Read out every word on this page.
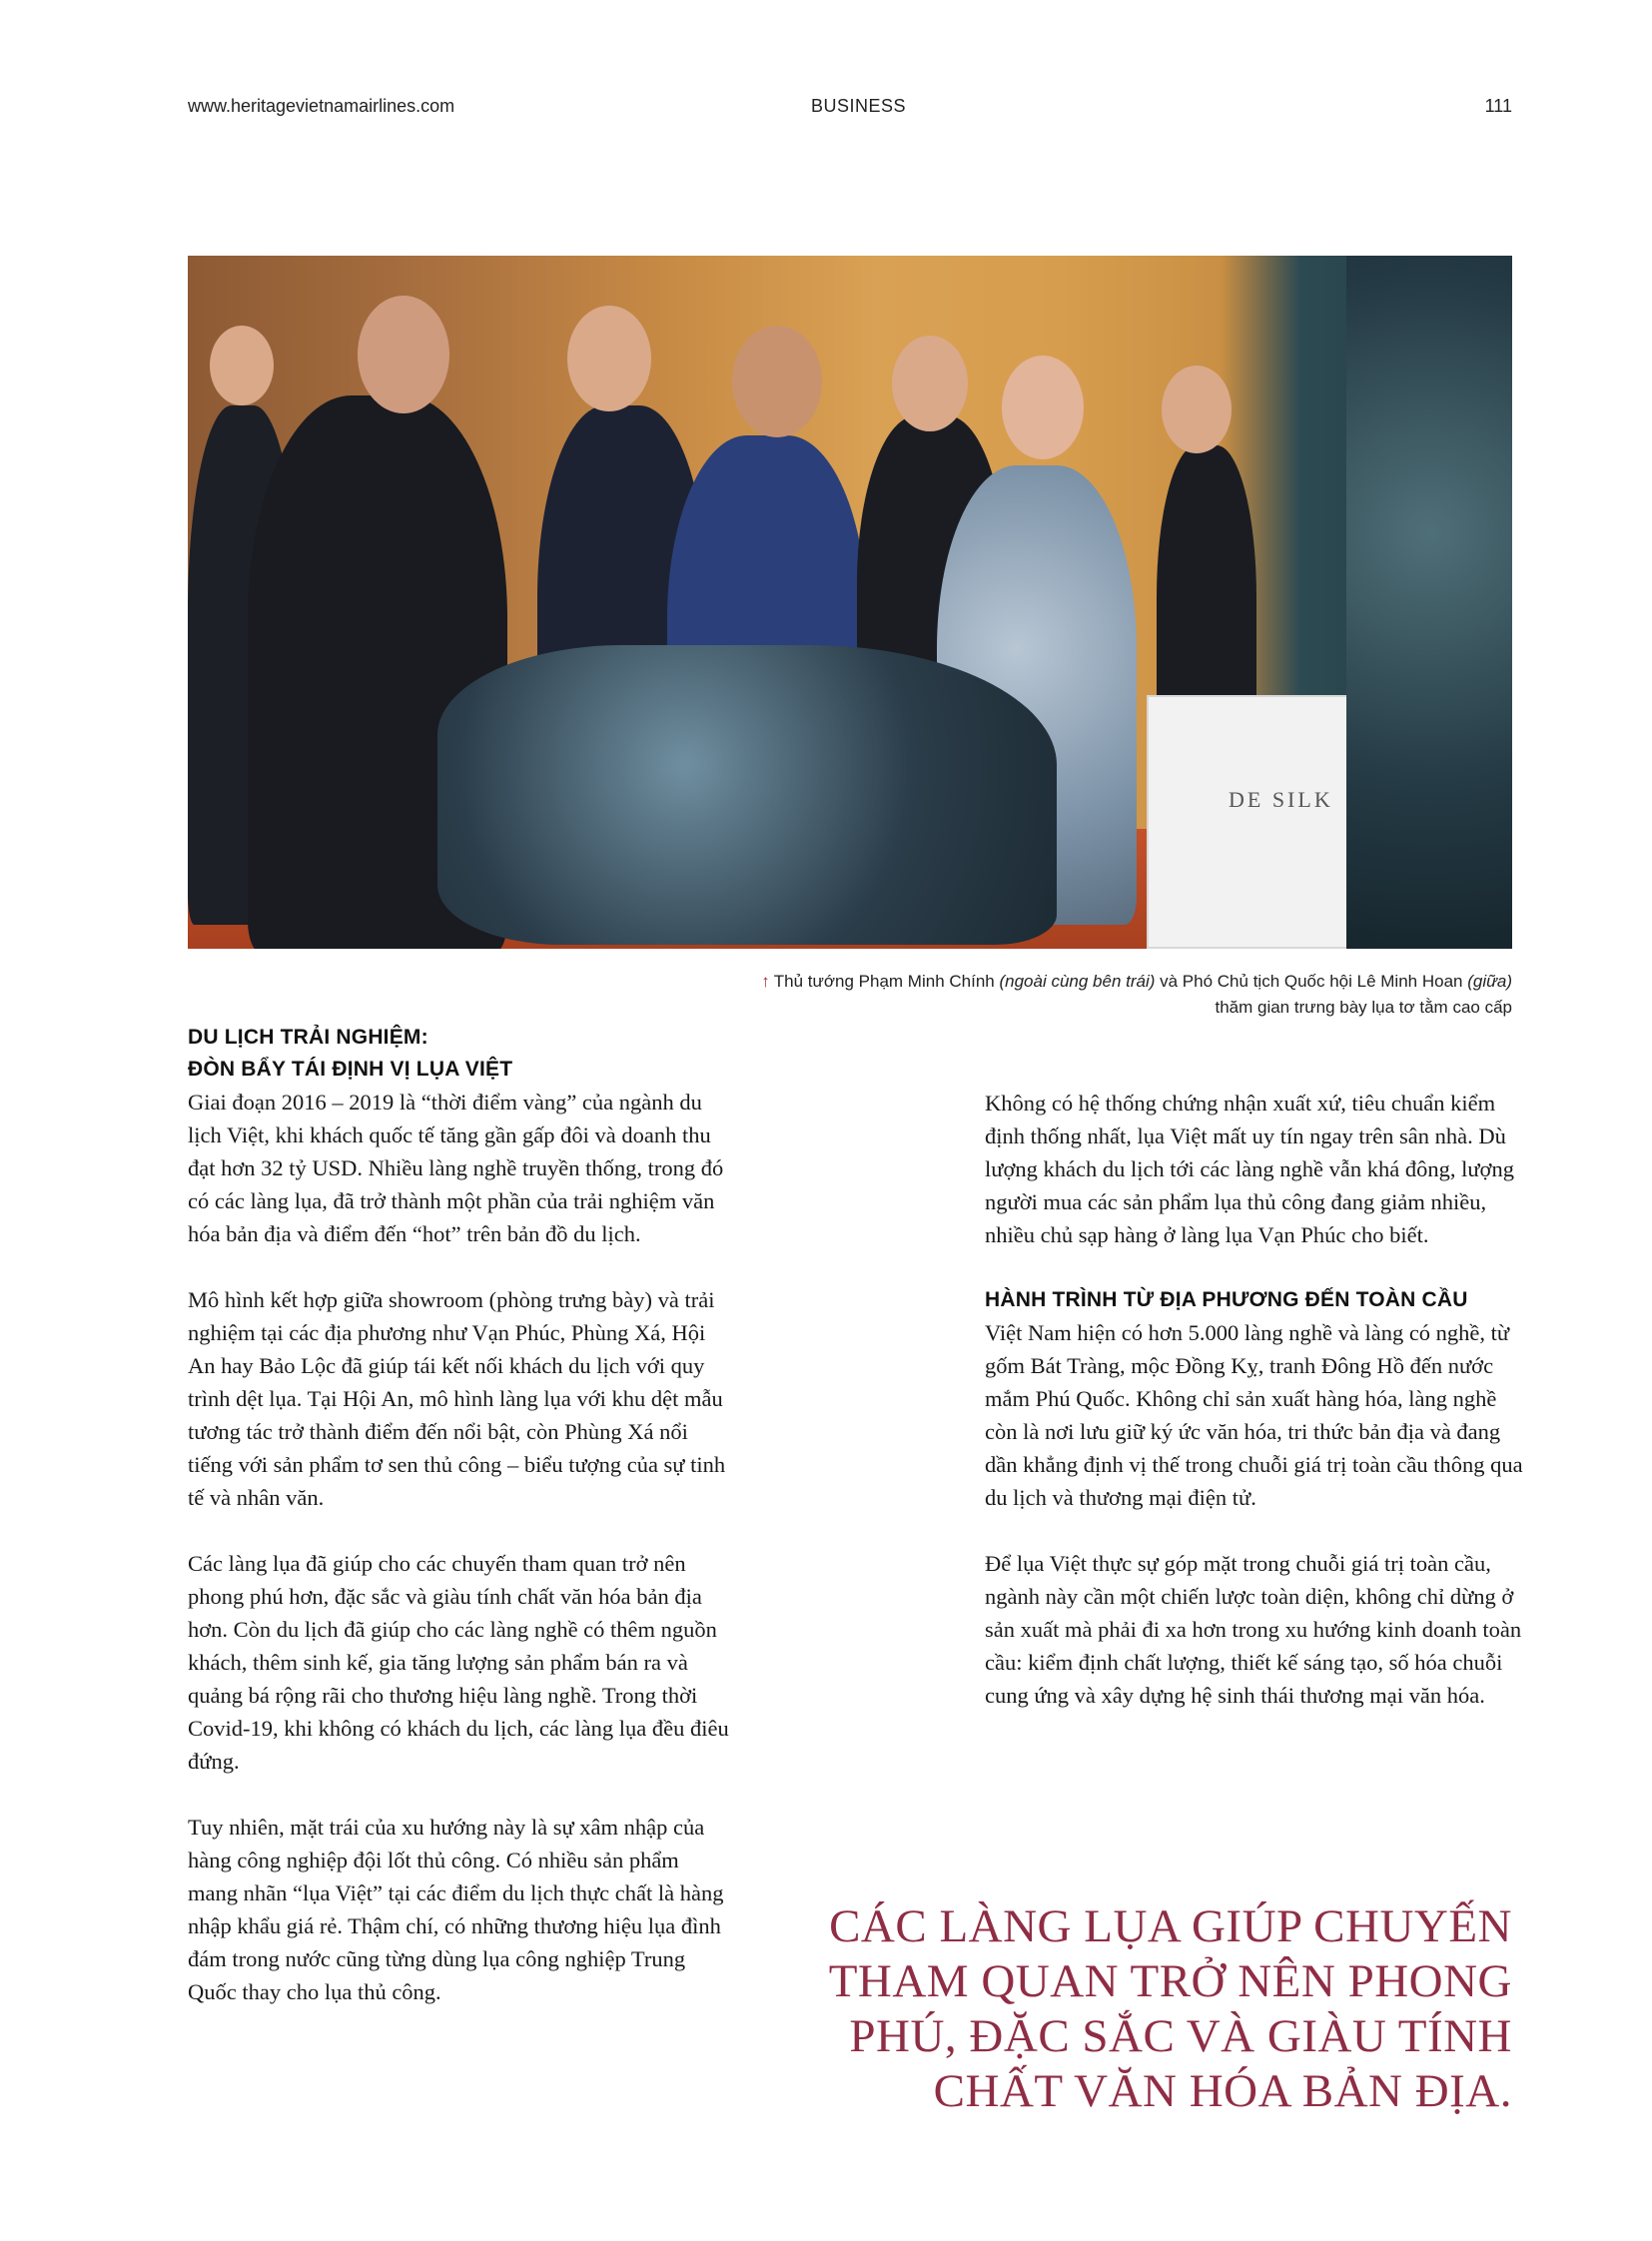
www.heritagevietnamairlines.com	BUSINESS	111
DE SILK
↑ Thủ tướng Phạm Minh Chính (ngoài cùng bên trái) và Phó Chủ tịch Quốc hội Lê Minh Hoan (giữa)
thăm gian trưng bày lụa tơ tằm cao cấp
DU LỊCH TRẢI NGHIỆM:
ĐÒN BẨY TÁI ĐỊNH VỊ LỤA VIỆT

Giai đoạn 2016 – 2019 là “thời điểm vàng” của ngành du lịch Việt, khi khách quốc tế tăng gần gấp đôi và doanh thu đạt hơn 32 tỷ USD. Nhiều làng nghề truyền thống, trong đó có các làng lụa, đã trở thành một phần của trải nghiệm văn hóa bản địa và điểm đến “hot” trên bản đồ du lịch.

Mô hình kết hợp giữa showroom (phòng trưng bày) và trải nghiệm tại các địa phương như Vạn Phúc, Phùng Xá, Hội An hay Bảo Lộc đã giúp tái kết nối khách du lịch với quy trình dệt lụa. Tại Hội An, mô hình làng lụa với khu dệt mẫu tương tác trở thành điểm đến nổi bật, còn Phùng Xá nổi tiếng với sản phẩm tơ sen thủ công – biểu tượng của sự tinh tế và nhân văn.

Các làng lụa đã giúp cho các chuyến tham quan trở nên phong phú hơn, đặc sắc và giàu tính chất văn hóa bản địa hơn. Còn du lịch đã giúp cho các làng nghề có thêm nguồn khách, thêm sinh kế, gia tăng lượng sản phẩm bán ra và quảng bá rộng rãi cho thương hiệu làng nghề. Trong thời Covid-19, khi không có khách du lịch, các làng lụa đều điêu đứng.

Tuy nhiên, mặt trái của xu hướng này là sự xâm nhập của hàng công nghiệp đội lốt thủ công. Có nhiều sản phẩm mang nhãn “lụa Việt” tại các điểm du lịch thực chất là hàng nhập khẩu giá rẻ. Thậm chí, có những thương hiệu lụa đình đám trong nước cũng từng dùng lụa công nghiệp Trung Quốc thay cho lụa thủ công.

Không có hệ thống chứng nhận xuất xứ, tiêu chuẩn kiểm định thống nhất, lụa Việt mất uy tín ngay trên sân nhà. Dù lượng khách du lịch tới các làng nghề vẫn khá đông, lượng người mua các sản phẩm lụa thủ công đang giảm nhiều, nhiều chủ sạp hàng ở làng lụa Vạn Phúc cho biết.

HÀNH TRÌNH TỪ ĐỊA PHƯƠNG ĐẾN TOÀN CẦU

Việt Nam hiện có hơn 5.000 làng nghề và làng có nghề, từ gốm Bát Tràng, mộc Đồng Kỵ, tranh Đông Hồ đến nước mắm Phú Quốc. Không chỉ sản xuất hàng hóa, làng nghề còn là nơi lưu giữ ký ức văn hóa, tri thức bản địa và đang dần khẳng định vị thế trong chuỗi giá trị toàn cầu thông qua du lịch và thương mại điện tử.

Để lụa Việt thực sự góp mặt trong chuỗi giá trị toàn cầu, ngành này cần một chiến lược toàn diện, không chỉ dừng ở sản xuất mà phải đi xa hơn trong xu hướng kinh doanh toàn cầu: kiểm định chất lượng, thiết kế sáng tạo, số hóa chuỗi cung ứng và xây dựng hệ sinh thái thương mại văn hóa.

CÁC LÀNG LỤA GIÚP CHUYẾN THAM QUAN TRỞ NÊN PHONG PHÚ, ĐẶC SẮC VÀ GIÀU TÍNH CHẤT VĂN HÓA BẢN ĐỊA.
